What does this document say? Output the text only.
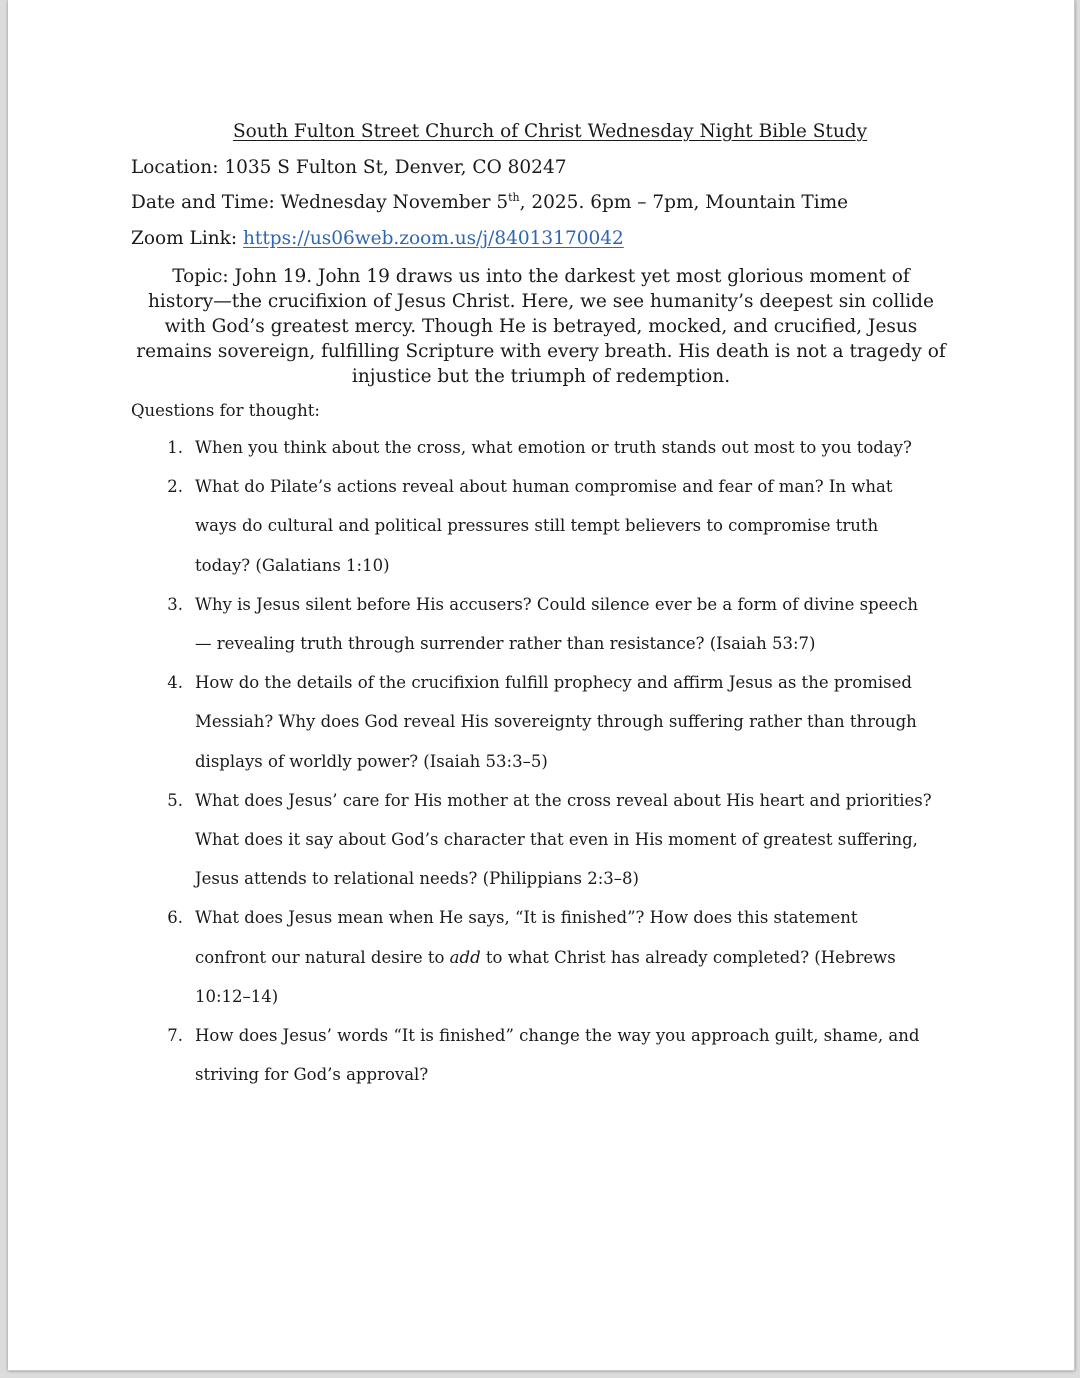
South Fulton Street Church of Christ Wednesday Night Bible Study
Location: 1035 S Fulton St, Denver, CO 80247
Date and Time: Wednesday November 5th, 2025. 6pm – 7pm, Mountain Time
Zoom Link: https://us06web.zoom.us/j/84013170042
Topic: John 19. John 19 draws us into the darkest yet most glorious moment of
history—the crucifixion of Jesus Christ. Here, we see humanity’s deepest sin collide
with God’s greatest mercy. Though He is betrayed, mocked, and crucified, Jesus
remains sovereign, fulfilling Scripture with every breath. His death is not a tragedy of
injustice but the triumph of redemption.
Questions for thought:
1. When you think about the cross, what emotion or truth stands out most to you today?
2. What do Pilate’s actions reveal about human compromise and fear of man? In what
ways do cultural and political pressures still tempt believers to compromise truth
today? (Galatians 1:10)
3. Why is Jesus silent before His accusers? Could silence ever be a form of divine speech
— revealing truth through surrender rather than resistance? (Isaiah 53:7)
4. How do the details of the crucifixion fulfill prophecy and affirm Jesus as the promised
Messiah? Why does God reveal His sovereignty through suffering rather than through
displays of worldly power? (Isaiah 53:3–5)
5. What does Jesus’ care for His mother at the cross reveal about His heart and priorities?
What does it say about God’s character that even in His moment of greatest suffering,
Jesus attends to relational needs? (Philippians 2:3–8)
6. What does Jesus mean when He says, “It is finished”? How does this statement
confront our natural desire to add to what Christ has already completed? (Hebrews
10:12–14)
7. How does Jesus’ words “It is finished” change the way you approach guilt, shame, and
striving for God’s approval?
